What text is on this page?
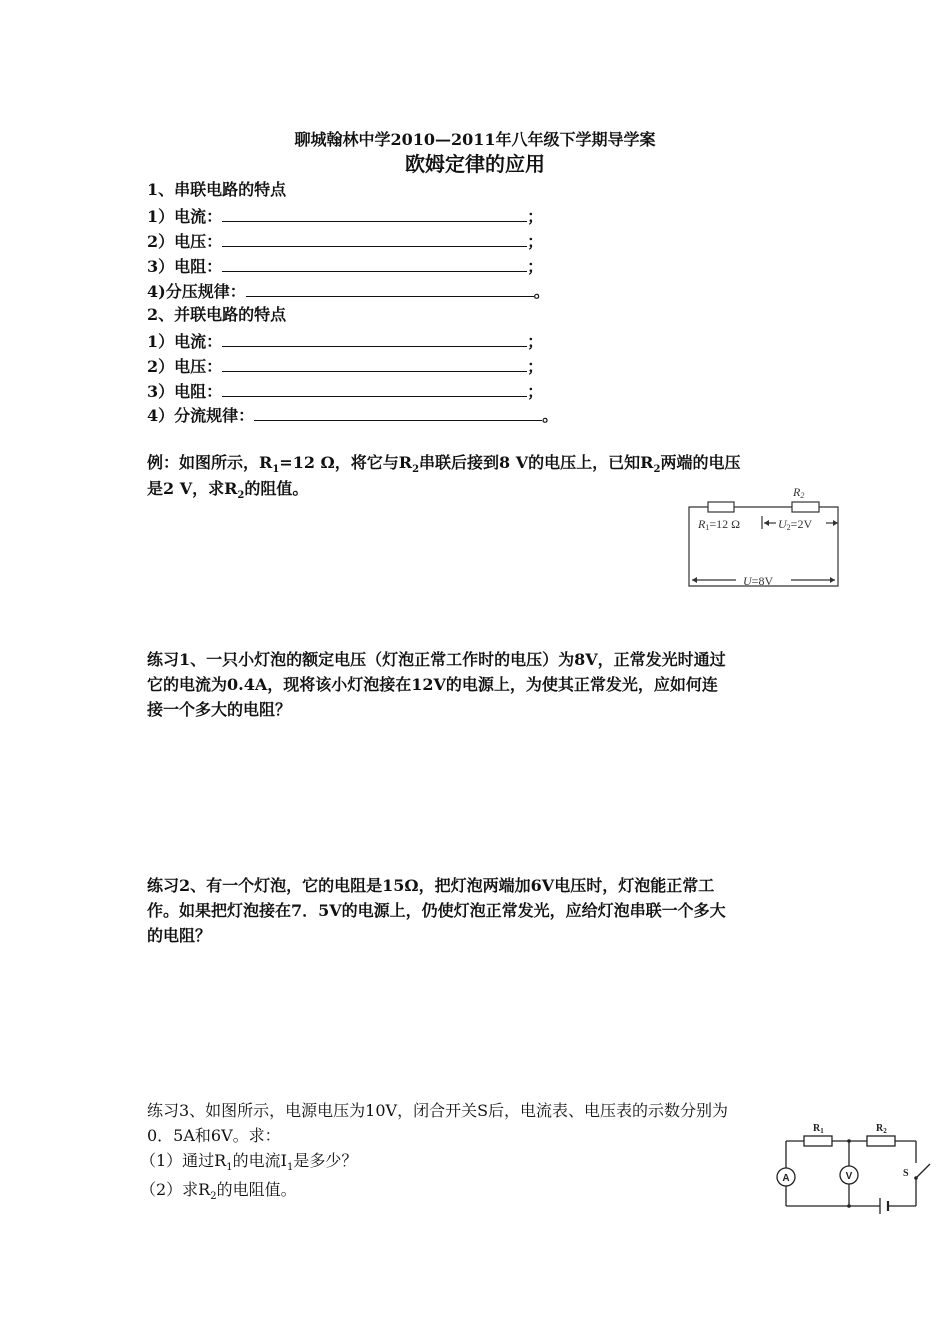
聊城翰林中学2010—2011年八年级下学期导学案
欧姆定律的应用
1、串联电路的特点
1）电流：	；
2）电压：	；
3）电阻：	；
4)分压规律：	。
2、并联电路的特点
1）电流：	；
2）电压：	；
3）电阻：	；
4）分流规律：	。
例：如图所示，$R_1=12$ Ω，将它与$R_2$串联后接到8 V的电压上，已知$R_2$两端的电压
是2 V，求$R_2$的阻值。	R2
R1=12 Ω	U2=2V
U=8V
练习1、一只小灯泡的额定电压（灯泡正常工作时的电压）为8V，正常发光时通过
它的电流为0.4A，现将该小灯泡接在12V的电源上，为使其正常发光，应如何连
接一个多大的电阻？
练习2、有一个灯泡，它的电阻是15Ω，把灯泡两端加6V电压时，灯泡能正常工
作。如果把灯泡接在7．5V的电源上，仍使灯泡正常发光，应给灯泡串联一个多大
的电阻？
练习3、如图所示，电源电压为10V，闭合开关S后，电流表、电压表的示数分别为
0．5A和6V。求：
（1）通过$R_1$的电流$I_1$是多少？
（2）求$R_2$的电阻值。
$R_1$	$R_2$
A	V	S
